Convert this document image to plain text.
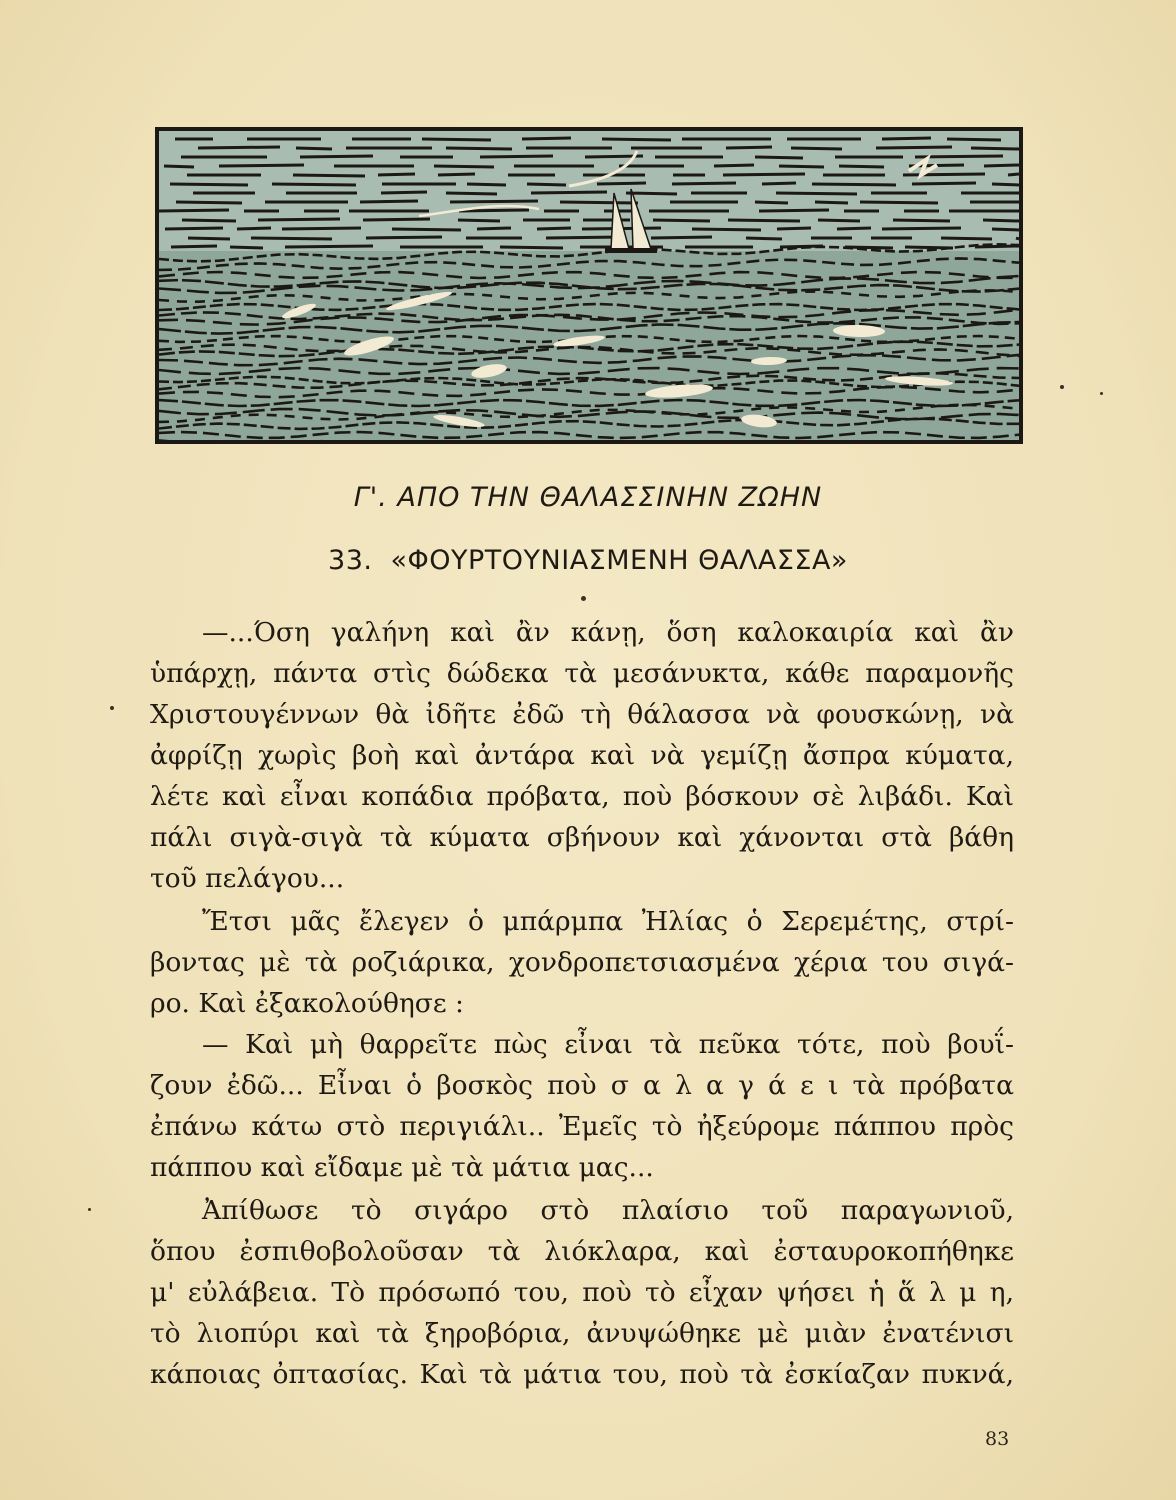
Γ'. ΑΠΟ ΤΗΝ ΘΑΛΑΣΣΙΝΗΝ ΖΩΗΝ
33. «ΦΟΥΡΤΟΥΝΙΑΣΜΕΝΗ ΘΑΛΑΣΣΑ»
—...Όση γαλήνη καὶ ἂν κάνῃ, ὅση καλοκαιρία καὶ ἂν
ὑπάρχῃ, πάντα στὶς δώδεκα τὰ μεσάνυκτα, κάθε παραμονῆς
Χριστουγέννων θὰ ἰδῆτε ἐδῶ τὴ θάλασσα νὰ φουσκώνῃ, νὰ
ἀφρίζῃ χωρὶς βοὴ καὶ ἀντάρα καὶ νὰ γεμίζῃ ἄσπρα κύματα,
λέτε καὶ εἶναι κοπάδια πρόβατα, ποὺ βόσκουν σὲ λιβάδι. Καὶ
πάλι σιγὰ-σιγὰ τὰ κύματα σβήνουν καὶ χάνονται στὰ βάθη
τοῦ πελάγου...
Ἔτσι μᾶς ἔλεγεν ὁ μπάρμπα Ἠλίας ὁ Σερεμέτης, στρί-
βοντας μὲ τὰ ροζιάρικα, χονδροπετσιασμένα χέρια του σιγά-
ρο. Καὶ ἐξακολούθησε :
— Καὶ μὴ θαρρεῖτε πὼς εἶναι τὰ πεῦκα τότε, ποὺ βουΐ-
ζουν ἐδῶ... Εἶναι ὁ βοσκὸς ποὺ σ α λ α γ ά ε ι τὰ πρόβατα
ἐπάνω κάτω στὸ περιγιάλι.. Ἐμεῖς τὸ ἠξεύρομε πάππου πρὸς
πάππου καὶ εἴδαμε μὲ τὰ μάτια μας...
Ἀπίθωσε τὸ σιγάρο στὸ πλαίσιο τοῦ παραγωνιοῦ,
ὅπου ἐσπιθοβολοῦσαν τὰ λιόκλαρα, καὶ ἐσταυροκοπήθηκε
μ' εὐλάβεια. Τὸ πρόσωπό του, ποὺ τὸ εἶχαν ψήσει ἡ ἅ λ μ η,
τὸ λιοπύρι καὶ τὰ ξηροβόρια, ἀνυψώθηκε μὲ μιὰν ἐνατένισι
κάποιας ὀπτασίας. Καὶ τὰ μάτια του, ποὺ τὰ ἐσκίαζαν πυκνά,
83
